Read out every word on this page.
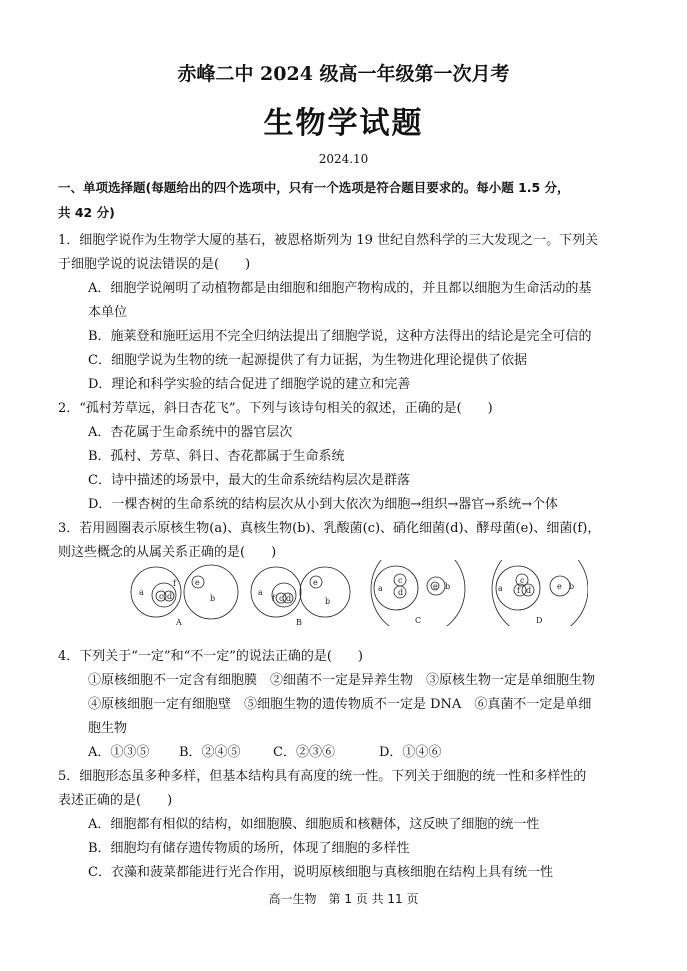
赤峰二中 2024 级高一年级第一次月考
生物学试题
2024.10
一、单项选择题(每题给出的四个选项中，只有一个选项是符合题目要求的。每小题 1.5 分，
共 42 分)
1．细胞学说作为生物学大厦的基石，被恩格斯列为 19 世纪自然科学的三大发现之一。下列关
于细胞学说的说法错误的是(　　)
A．细胞学说阐明了动植物都是由细胞和细胞产物构成的，并且都以细胞为生命活动的基
本单位
B．施莱登和施旺运用不完全归纳法提出了细胞学说，这种方法得出的结论是完全可信的
C．细胞学说为生物的统一起源提供了有力证据，为生物进化理论提供了依据
D．理论和科学实验的结合促进了细胞学说的建立和完善
2．“孤村芳草远，斜日杏花飞”。下列与该诗句相关的叙述，正确的是(　　)
A．杏花属于生命系统中的器官层次
B．孤村、芳草、斜日、杏花都属于生命系统
C．诗中描述的场景中，最大的生命系统结构层次是群落
D．一棵杏树的生命系统的结构层次从小到大依次为细胞→组织→器官→系统→个体
3．若用圆圈表示原核生物(a)、真核生物(b)、乳酸菌(c)、硝化细菌(d)、酵母菌(e)、细菌(f)，
则这些概念的从属关系正确的是(　　)
a c d
e
b
f
A
a
f c d
e
b
B
a
c
d
e b
C
a
c
f d	e b
D
4．下列关于“一定”和“不一定”的说法正确的是(　　)
①原核细胞不一定含有细胞膜　②细菌不一定是异养生物　③原核生物一定是单细胞生物
④原核细胞一定有细胞壁　⑤细胞生物的遗传物质不一定是 DNA　⑥真菌不一定是单细
胞生物
A．①③⑤ B．②④⑤ C．②③⑥	D．①④⑥
5．细胞形态虽多种多样，但基本结构具有高度的统一性。下列关于细胞的统一性和多样性的
表述正确的是(　　)
A．细胞都有相似的结构，如细胞膜、细胞质和核糖体，这反映了细胞的统一性
B．细胞均有储存遗传物质的场所，体现了细胞的多样性
C．衣藻和菠菜都能进行光合作用，说明原核细胞与真核细胞在结构上具有统一性
高一生物　第 1 页 共 11 页
